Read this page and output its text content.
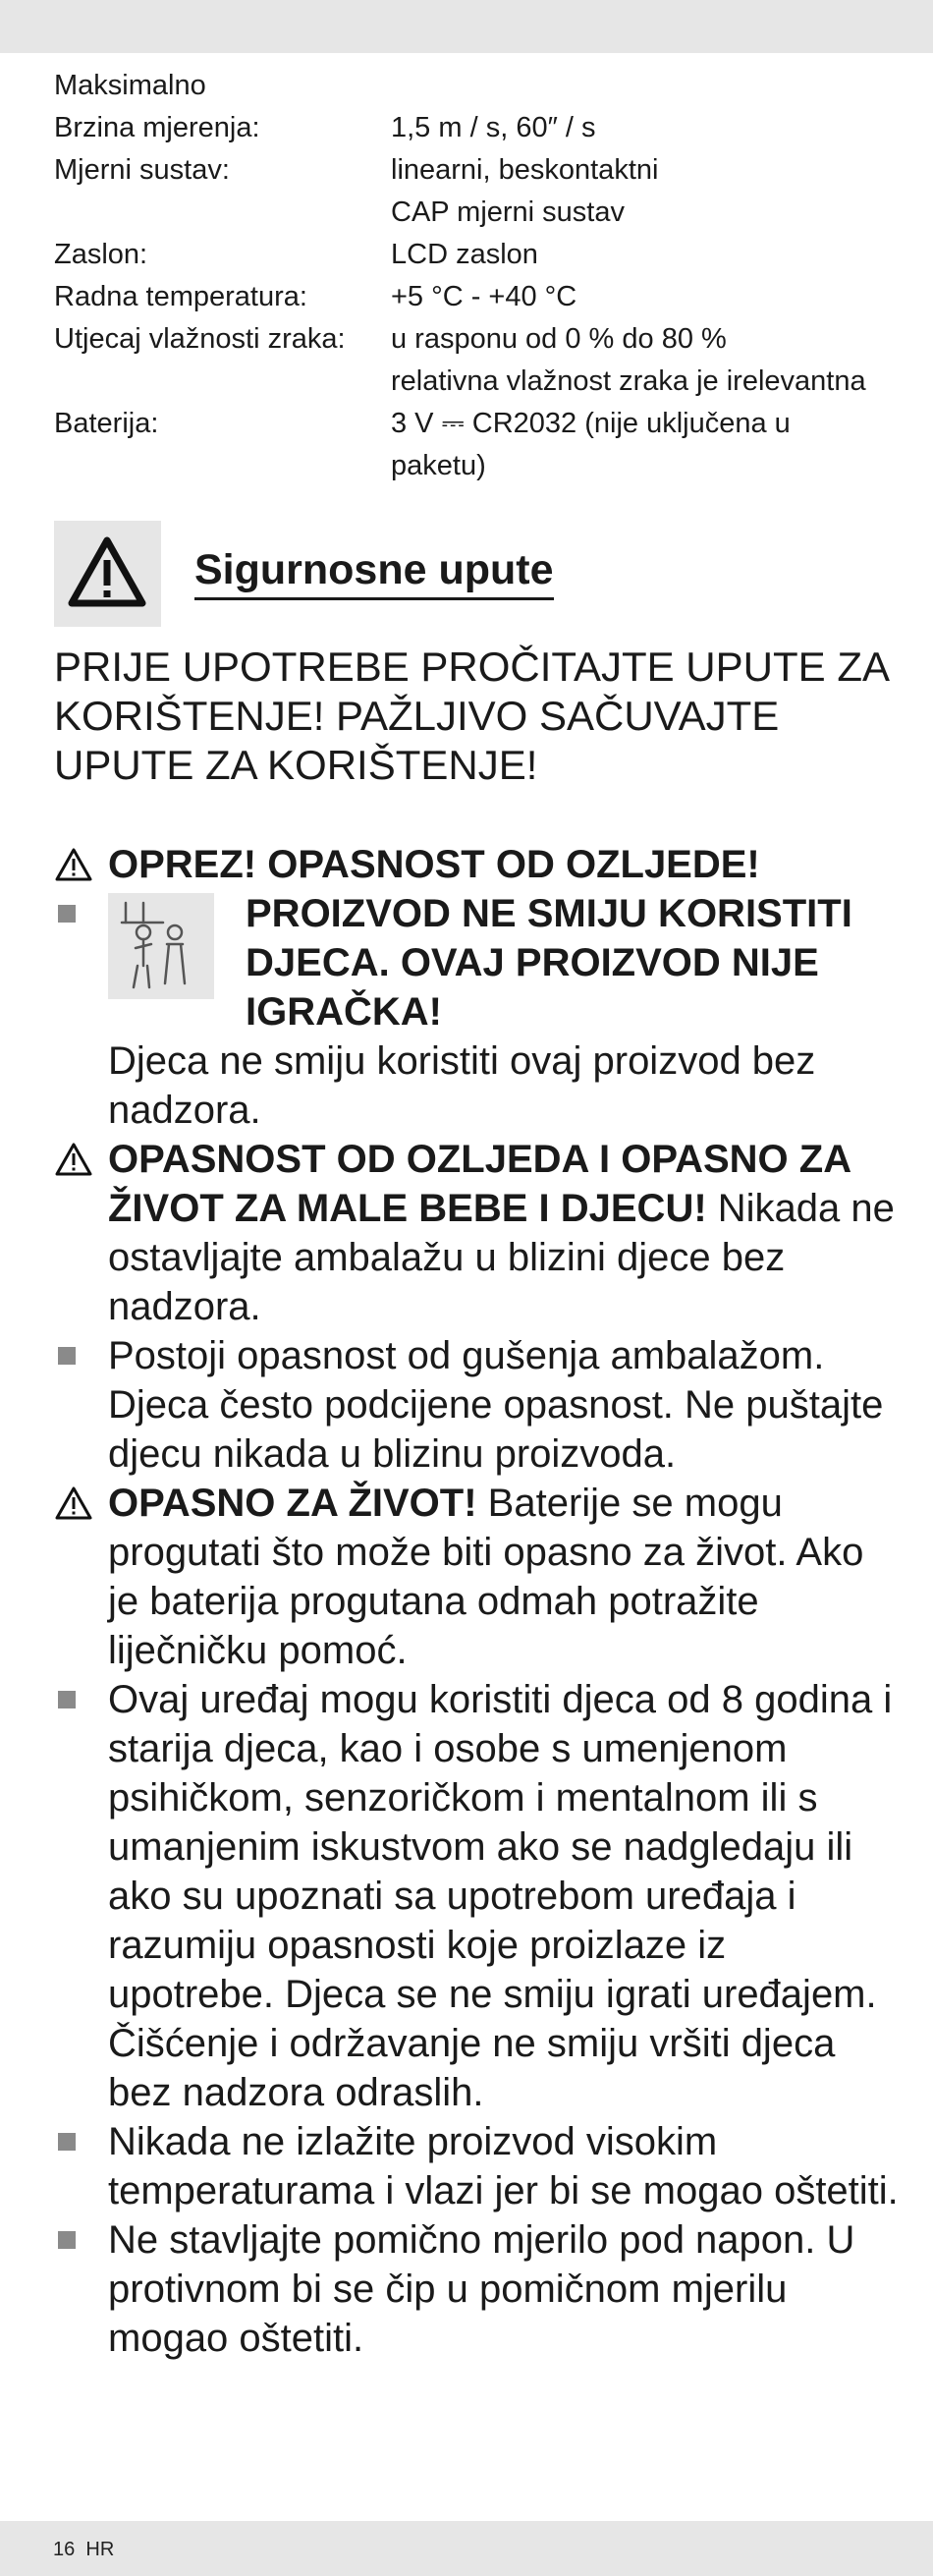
Maksimalno
Brzina mjerenja:	1,5 m / s, 60″ / s
Mjerni sustav:	linearni, beskontaktni
CAP mjerni sustav
Zaslon:	LCD zaslon
Radna temperatura:	+5 °C - +40 °C
Utjecaj vlažnosti zraka:	u rasponu od 0 % do 80 %
relativna vlažnost zraka je irelevantna
Baterija:	3 V ⎓ CR2032 (nije uključena u
paketu)
Sigurnosne upute
PRIJE UPOTREBE PROČITAJTE UPUTE ZA KORIŠTENJE! PAŽLJIVO SAČUVAJTE UPUTE ZA KORIŠTENJE!
OPREZ! OPASNOST OD OZLJEDE!
PROIZVOD NE SMIJU KORISTITI DJECA. OVAJ PROIZVOD NIJE IGRAČKA!
Djeca ne smiju koristiti ovaj proizvod bez nadzora.
OPASNOST OD OZLJEDA I OPASNO ZA ŽIVOT ZA MALE BEBE I DJECU! Nikada ne ostavljajte ambalažu u blizini djece bez nadzora.
Postoji opasnost od gušenja ambalažom. Djeca često podcijene opasnost. Ne puštajte djecu nikada u blizinu proizvoda.
OPASNO ZA ŽIVOT! Baterije se mogu progutati što može biti opasno za život. Ako je baterija progutana odmah potražite liječničku pomoć.
Ovaj uređaj mogu koristiti djeca od 8 godina i starija djeca, kao i osobe s umenjenom psihičkom, senzoričkom i mentalnom ili s umanjenim iskustvom ako se nadgledaju ili ako su upoznati sa upotrebom uređaja i razumiju opasnosti koje proizlaze iz upotrebe. Djeca se ne smiju igrati uređajem. Čišćenje i održavanje ne smiju vršiti djeca bez nadzora odraslih.
Nikada ne izlažite proizvod visokim temperaturama i vlazi jer bi se mogao oštetiti.
Ne stavljajte pomično mjerilo pod napon. U protivnom bi se čip u pomičnom mjerilu mogao oštetiti.
16 HR
